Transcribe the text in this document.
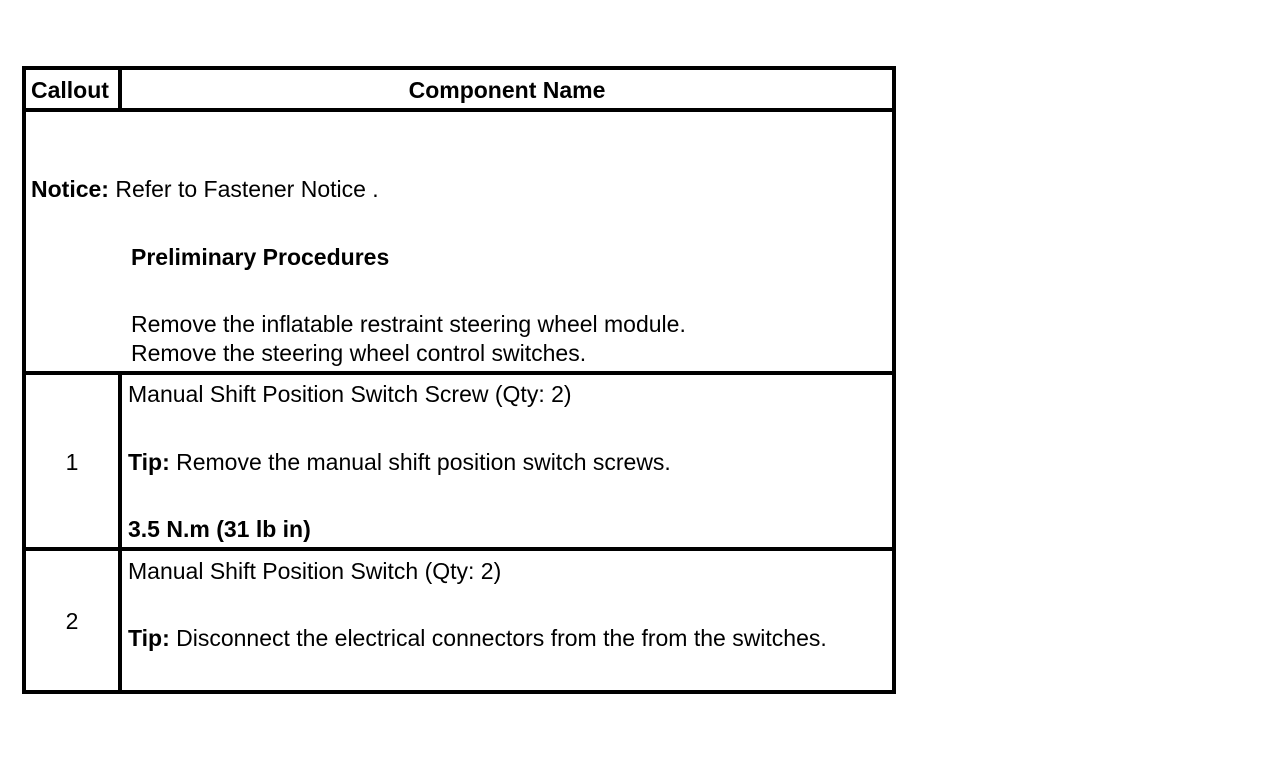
Callout	Component Name
Notice: Refer to Fastener Notice .
Preliminary Procedures
Remove the inflatable restraint steering wheel module.
Remove the steering wheel control switches.
1
Manual Shift Position Switch Screw (Qty: 2)
Tip: Remove the manual shift position switch screws.
3.5 N.m (31 lb in)
2
Manual Shift Position Switch (Qty: 2)
Tip: Disconnect the electrical connectors from the from the switches.
